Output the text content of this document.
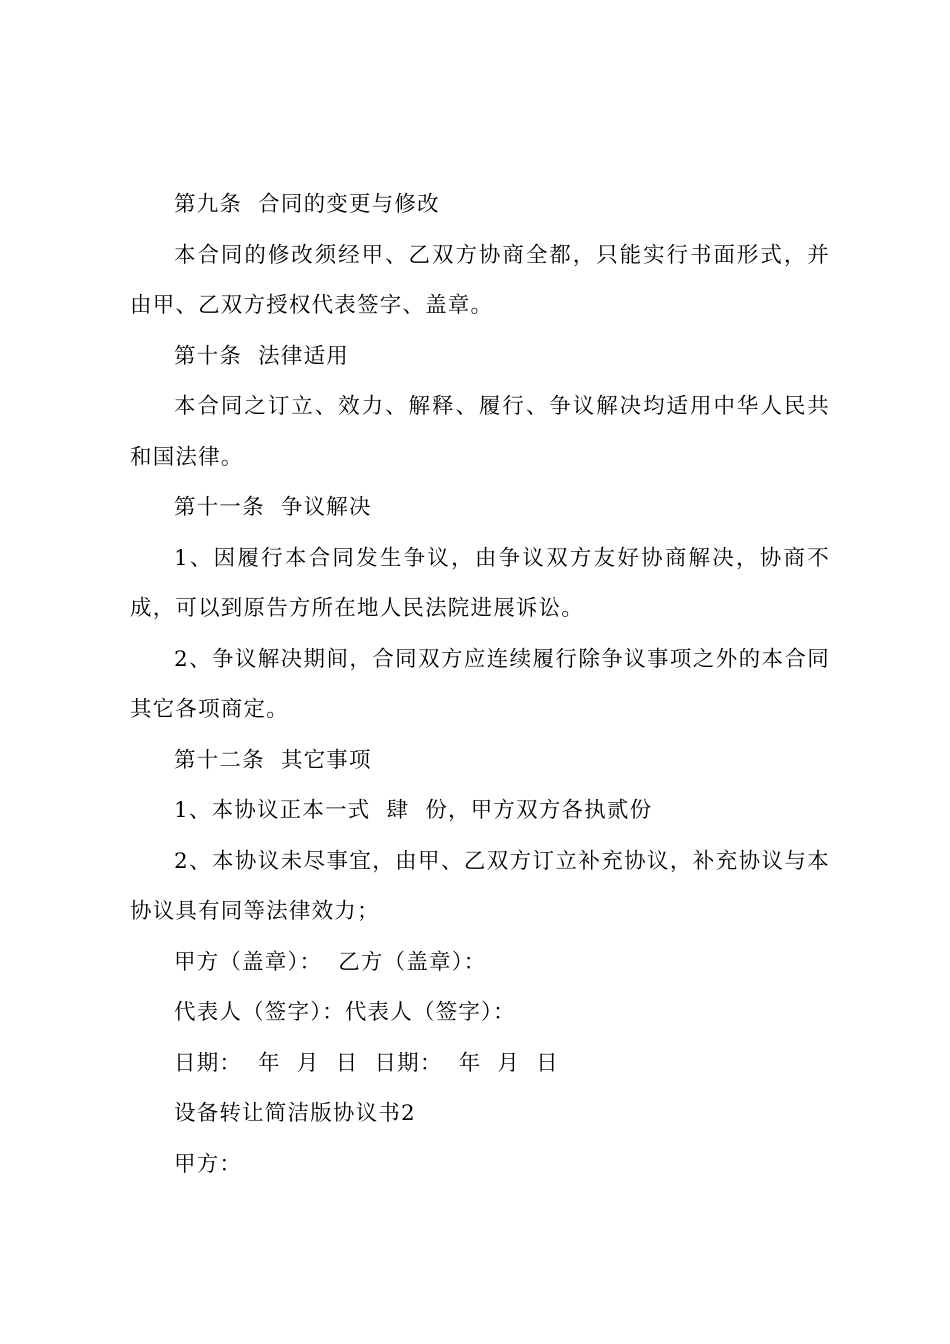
第九条  合同的变更与修改

本合同的修改须经甲、乙双方协商全都，只能实行书面形式，并由甲、乙双方授权代表签字、盖章。

第十条  法律适用

本合同之订立、效力、解释、履行、争议解决均适用中华人民共和国法律。

第十一条  争议解决

1、因履行本合同发生争议，由争议双方友好协商解决，协商不成，可以到原告方所在地人民法院进展诉讼。

2、争议解决期间，合同双方应连续履行除争议事项之外的本合同其它各项商定。

第十二条  其它事项

1、本协议正本一式  肆  份，甲方双方各执贰份

2、本协议未尽事宜，由甲、乙双方订立补充协议，补充协议与本协议具有同等法律效力；

甲方（盖章）：  乙方（盖章）：

代表人（签字）：代表人（签字）：

日期：  年  月  日  日期：  年  月  日

设备转让简洁版协议书2

甲方：
